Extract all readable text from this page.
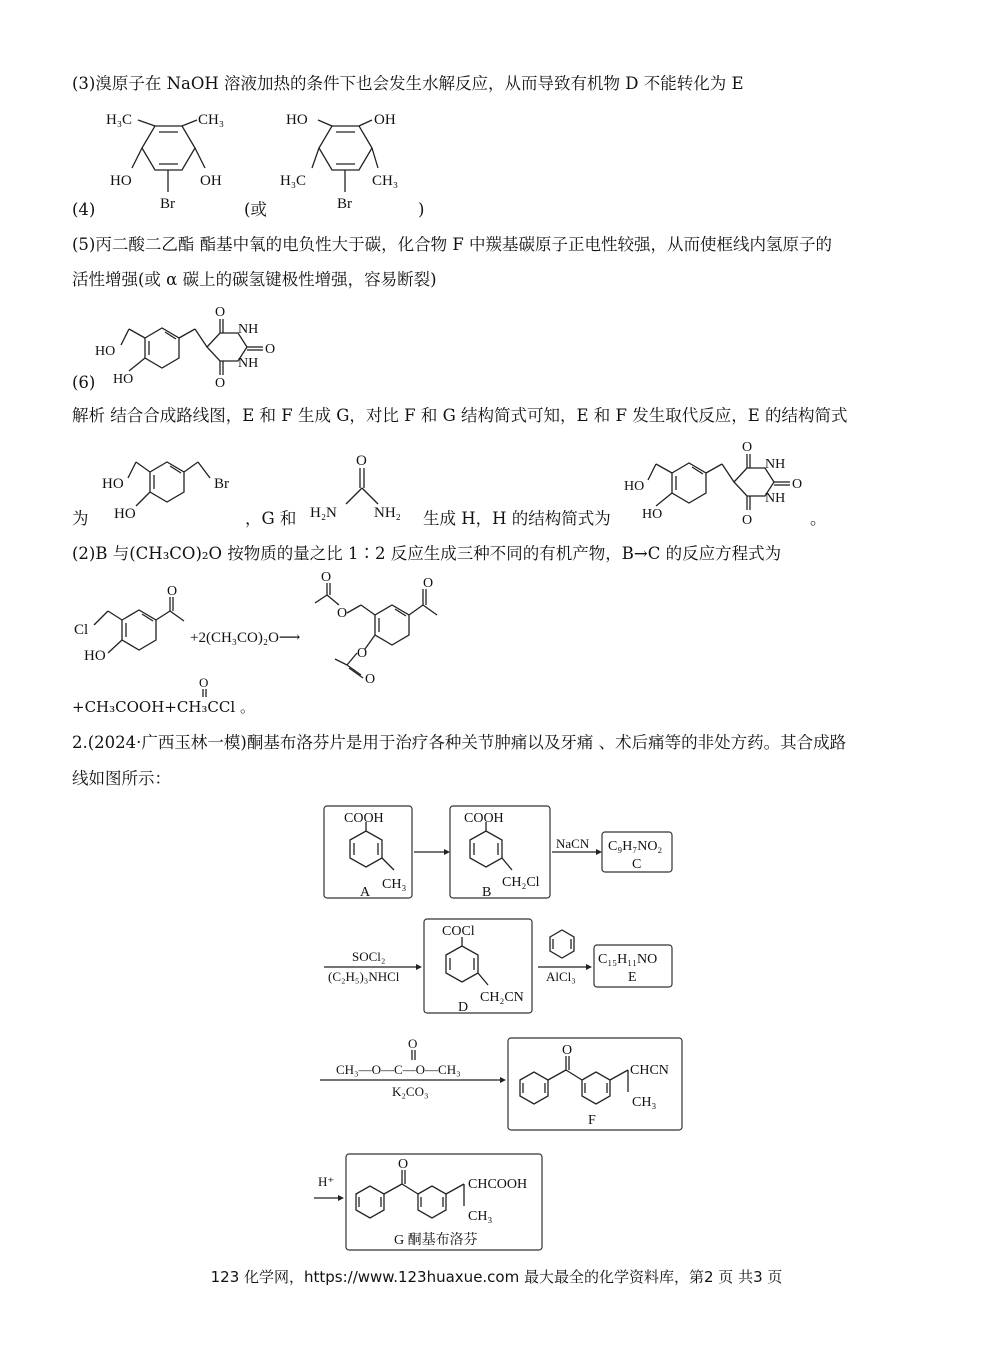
(3)溴原子在 NaOH 溶液加热的条件下也会发生水解反应，从而导致有机物 D 不能转化为 E
(4)
H₃C	CH₃
HO	OH
Br	(或
HO	OH
H₃C	CH₃
Br	)
(5)丙二酸二乙酯 酯基中氧的电负性大于碳，化合物 F 中羰基碳原子正电性较强，从而使框线内氢原子的
活性增强(或 α 碳上的碳氢键极性增强，容易断裂)
(6)
HO
HO
O
O
O
NH
NH
解析 结合合成路线图，E 和 F 生成 G，对比 F 和 G 结构简式可知，E 和 F 发生取代反应，E 的结构简式
为
HO
HO
Br
，G 和
O
H₂N NH₂ 生成 H，H 的结构简式为
HO
HO
O
O
O
NH
NH
。
(2)B 与(CH₃CO)₂O 按物质的量之比 1∶2 反应生成三种不同的有机产物，B→C 的反应方程式为
Cl
HO
O
+2(CH₃CO)₂O⟶
O
O
O
O
O
+CH₃COOH+CH₃CCl 。
O
2.(2024·广西玉林一模)酮基布洛芬片是用于治疗各种关节肿痛以及牙痛 、术后痛等的非处方药。其合成路
线如图所示：
COOH
CH₃
A
COOH
CH₂Cl
B
NaCN C₉H₇NO₂
C
SOCl₂
(C₂H₅)₃NHCl
COCl
CH₂CN
D
AlCl₃
C₁₅H₁₁NO
E
O
CH₃—O—C—O—CH₃
K₂CO₃
O
CHCN
CH₃
F
H⁺
O
CHCOOH
CH₃
G 酮基布洛芬
123 化学网，https://www.123huaxue.com 最大最全的化学资料库，第2 页 共3 页
